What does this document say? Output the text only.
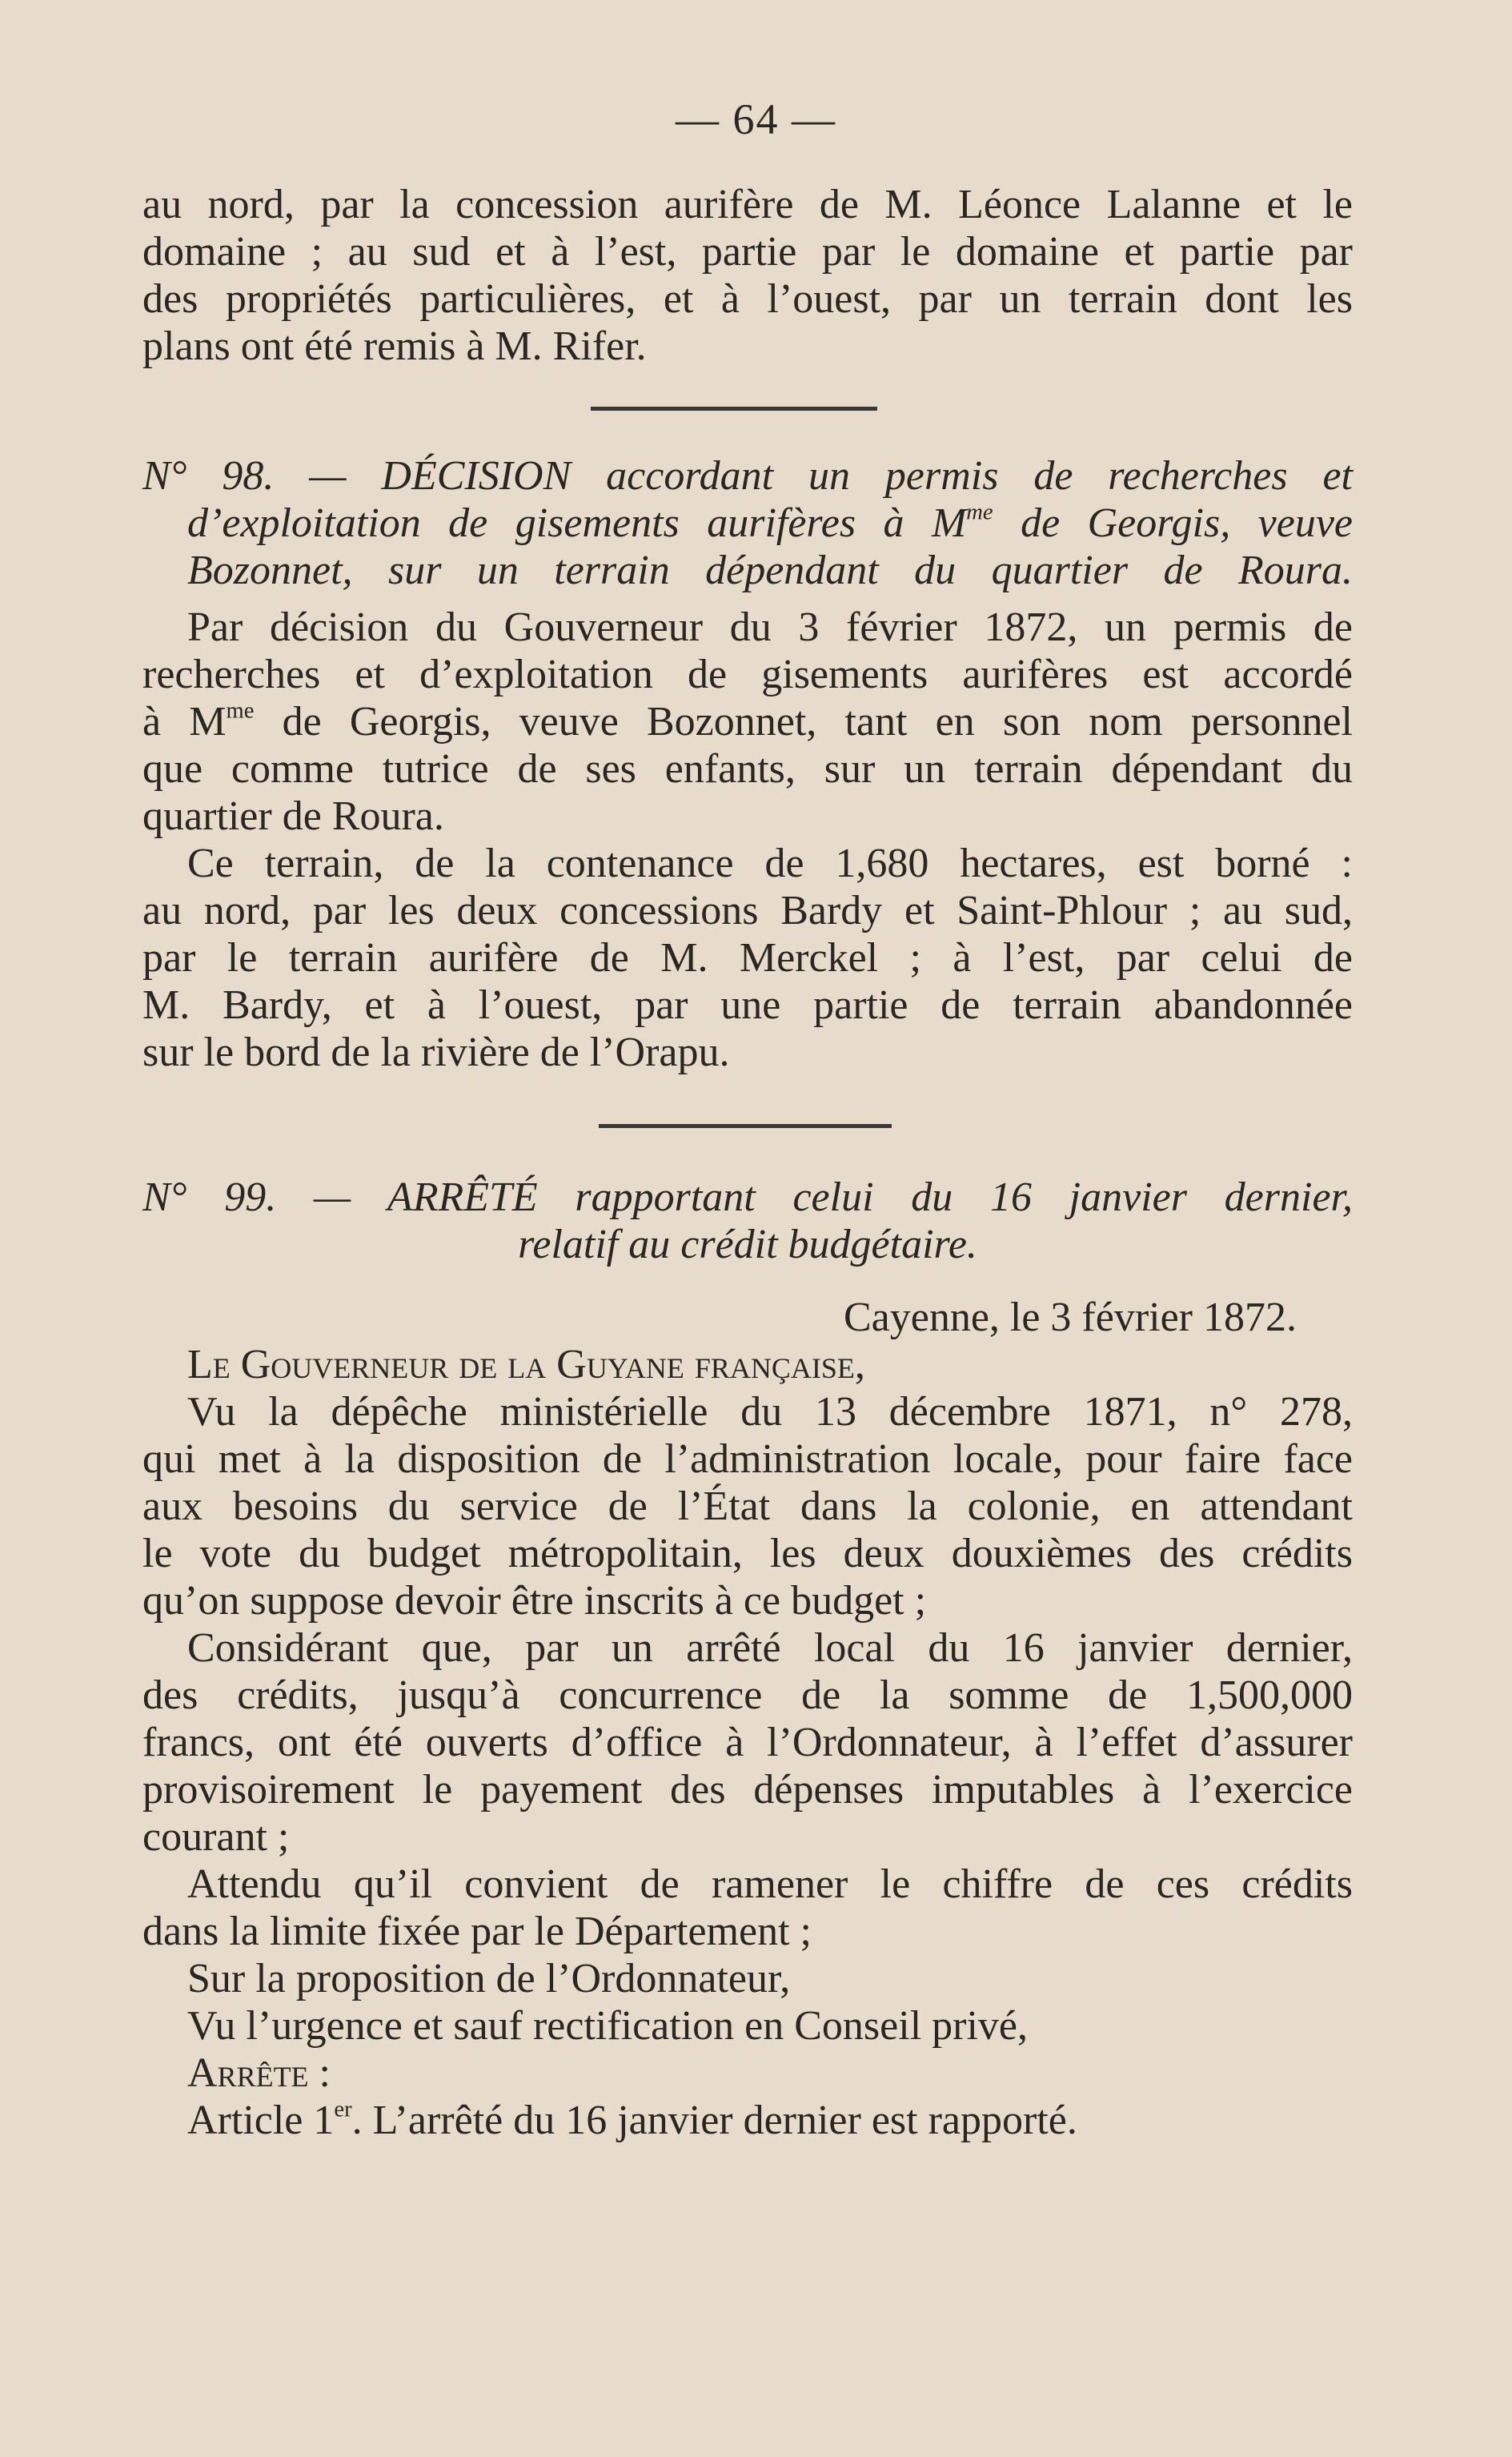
— 64 —
au nord, par la concession aurifère de M. Léonce Lalanne et le
domaine ; au sud et à l’est, partie par le domaine et partie par
des propriétés particulières, et à l’ouest, par un terrain dont les
plans ont été remis à M. Rifer.
N° 98. — DÉCISION accordant un permis de recherches et
d’exploitation de gisements aurifères à $M^{me}$ de Georgis, veuve
Bozonnet, sur un terrain dépendant du quartier de Roura.
Par décision du Gouverneur du 3 février 1872, un permis de
recherches et d’exploitation de gisements aurifères est accordé
à $M^{me}$ de Georgis, veuve Bozonnet, tant en son nom personnel
que comme tutrice de ses enfants, sur un terrain dépendant du
quartier de Roura.
Ce terrain, de la contenance de 1,680 hectares, est borné :
au nord, par les deux concessions Bardy et Saint-Phlour ; au sud,
par le terrain aurifère de M. Merckel ; à l’est, par celui de
M. Bardy, et à l’ouest, par une partie de terrain abandonnée
sur le bord de la rivière de l’Orapu.
N° 99. — ARRÊTÉ rapportant celui du 16 janvier dernier,
relatif au crédit budgétaire.
Cayenne, le 3 février 1872.
Le Gouverneur de la Guyane française,
Vu la dépêche ministérielle du 13 décembre 1871, n° 278,
qui met à la disposition de l’administration locale, pour faire face
aux besoins du service de l’État dans la colonie, en attendant
le vote du budget métropolitain, les deux douxièmes des crédits
qu’on suppose devoir être inscrits à ce budget ;
Considérant que, par un arrêté local du 16 janvier dernier,
des crédits, jusqu’à concurrence de la somme de 1,500,000
francs, ont été ouverts d’office à l’Ordonnateur, à l’effet d’assurer
provisoirement le payement des dépenses imputables à l’exercice
courant ;
Attendu qu’il convient de ramener le chiffre de ces crédits
dans la limite fixée par le Département ;
Sur la proposition de l’Ordonnateur,
Vu l’urgence et sauf rectification en Conseil privé,
Arrête :
Article 1er. L’arrêté du 16 janvier dernier est rapporté.
